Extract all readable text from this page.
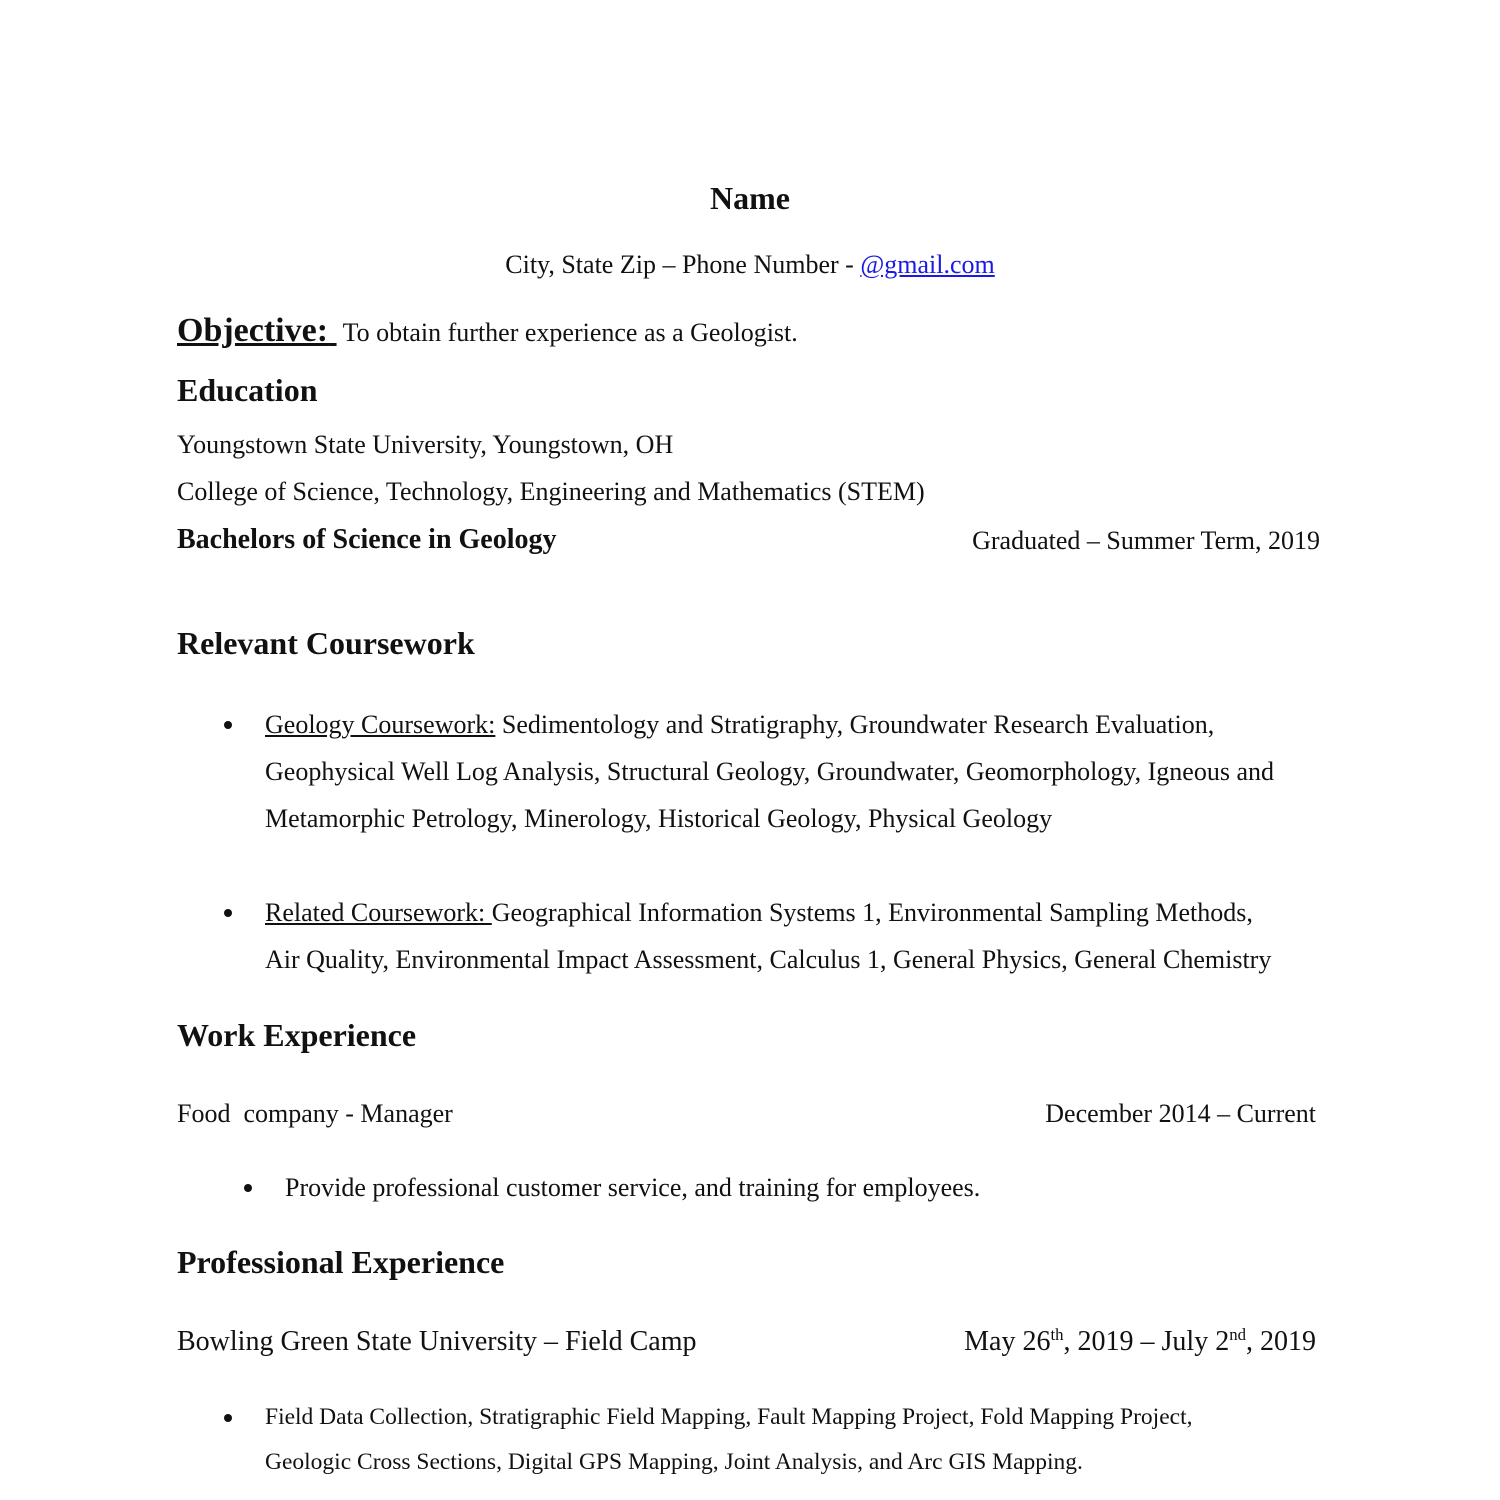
Name
City, State Zip – Phone Number - @gmail.com
Objective: To obtain further experience as a Geologist.
Education
Youngstown State University, Youngstown, OH
College of Science, Technology, Engineering and Mathematics (STEM)
Bachelors of Science in Geology	Graduated – Summer Term, 2019
Relevant Coursework
Geology Coursework: Sedimentology and Stratigraphy, Groundwater Research Evaluation,
Geophysical Well Log Analysis, Structural Geology, Groundwater, Geomorphology, Igneous and
Metamorphic Petrology, Minerology, Historical Geology, Physical Geology
Related Coursework: Geographical Information Systems 1, Environmental Sampling Methods,
Air Quality, Environmental Impact Assessment, Calculus 1, General Physics, General Chemistry
Work Experience
Food  company - Manager	December 2014 – Current
Provide professional customer service, and training for employees.
Professional Experience
Bowling Green State University – Field Camp	May 26th, 2019 – July 2nd, 2019
Field Data Collection, Stratigraphic Field Mapping, Fault Mapping Project, Fold Mapping Project,
Geologic Cross Sections, Digital GPS Mapping, Joint Analysis, and Arc GIS Mapping.
